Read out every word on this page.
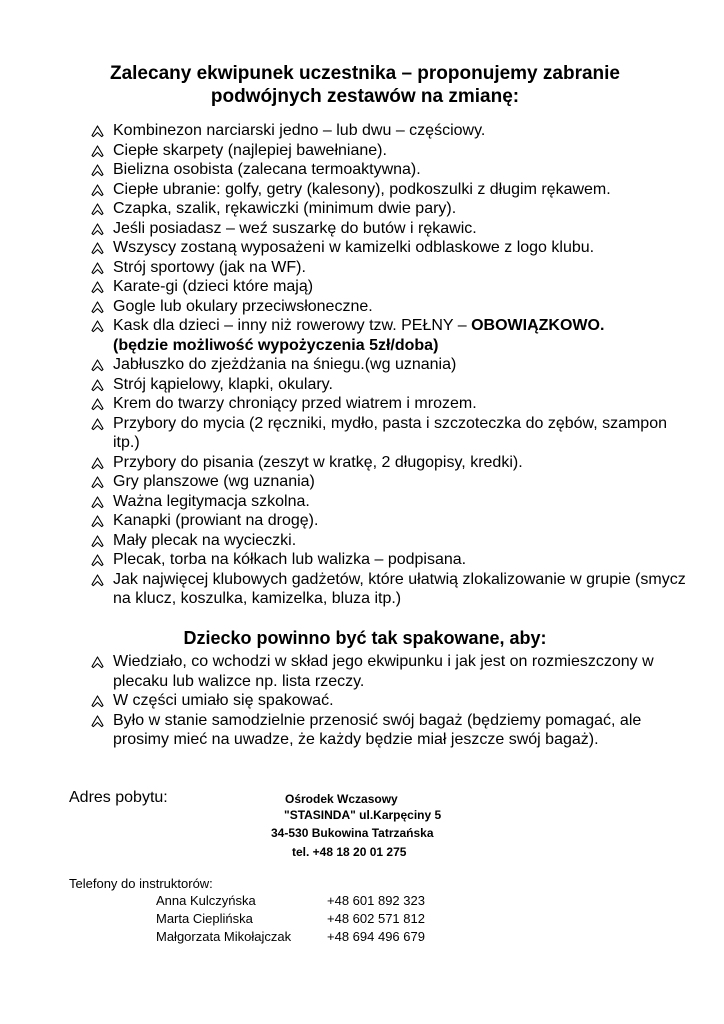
Zalecany ekwipunek uczestnika – proponujemy zabranie
podwójnych zestawów na zmianę:
Kombinezon narciarski jedno – lub dwu – częściowy.
Ciepłe skarpety (najlepiej bawełniane).
Bielizna osobista (zalecana termoaktywna).
Ciepłe ubranie: golfy, getry (kalesony), podkoszulki z długim rękawem.
Czapka, szalik, rękawiczki (minimum dwie pary).
Jeśli posiadasz – weź suszarkę do butów i rękawic.
Wszyscy zostaną wyposażeni w kamizelki odblaskowe z logo klubu.
Strój sportowy (jak na WF).
Karate-gi (dzieci które mają)
Gogle lub okulary przeciwsłoneczne.
Kask dla dzieci – inny niż rowerowy tzw. PEŁNY – OBOWIĄZKOWO.
(będzie możliwość wypożyczenia 5zł/doba)
Jabłuszko do zjeżdżania na śniegu.(wg uznania)
Strój kąpielowy, klapki, okulary.
Krem do twarzy chroniący przed wiatrem i mrozem.
Przybory do mycia (2 ręczniki, mydło, pasta i szczoteczka do zębów, szampon itp.)
Przybory do pisania (zeszyt w kratkę, 2 długopisy, kredki).
Gry planszowe (wg uznania)
Ważna legitymacja szkolna.
Kanapki (prowiant na drogę).
Mały plecak na wycieczki.
Plecak, torba na kółkach lub walizka – podpisana.
Jak najwięcej klubowych gadżetów, które ułatwią zlokalizowanie w grupie (smycz na klucz, koszulka, kamizelka, bluza itp.)
Dziecko powinno być tak spakowane, aby:
Wiedziało, co wchodzi w skład jego ekwipunku i jak jest on rozmieszczony w plecaku lub walizce np. lista rzeczy.
W części umiało się spakować.
Było w stanie samodzielnie przenosić swój bagaż (będziemy pomagać, ale prosimy mieć na uwadze, że każdy będzie miał jeszcze swój bagaż).
Adres pobytu:	Ośrodek Wczasowy
"STASINDA" ul.Karpęciny 5
34-530 Bukowina Tatrzańska
tel. +48 18 20 01 275
Telefony do instruktorów:
Anna Kulczyńska	+48 601 892 323
Marta Cieplińska	+48 602 571 812
Małgorzata Mikołajczak	+48 694 496 679
